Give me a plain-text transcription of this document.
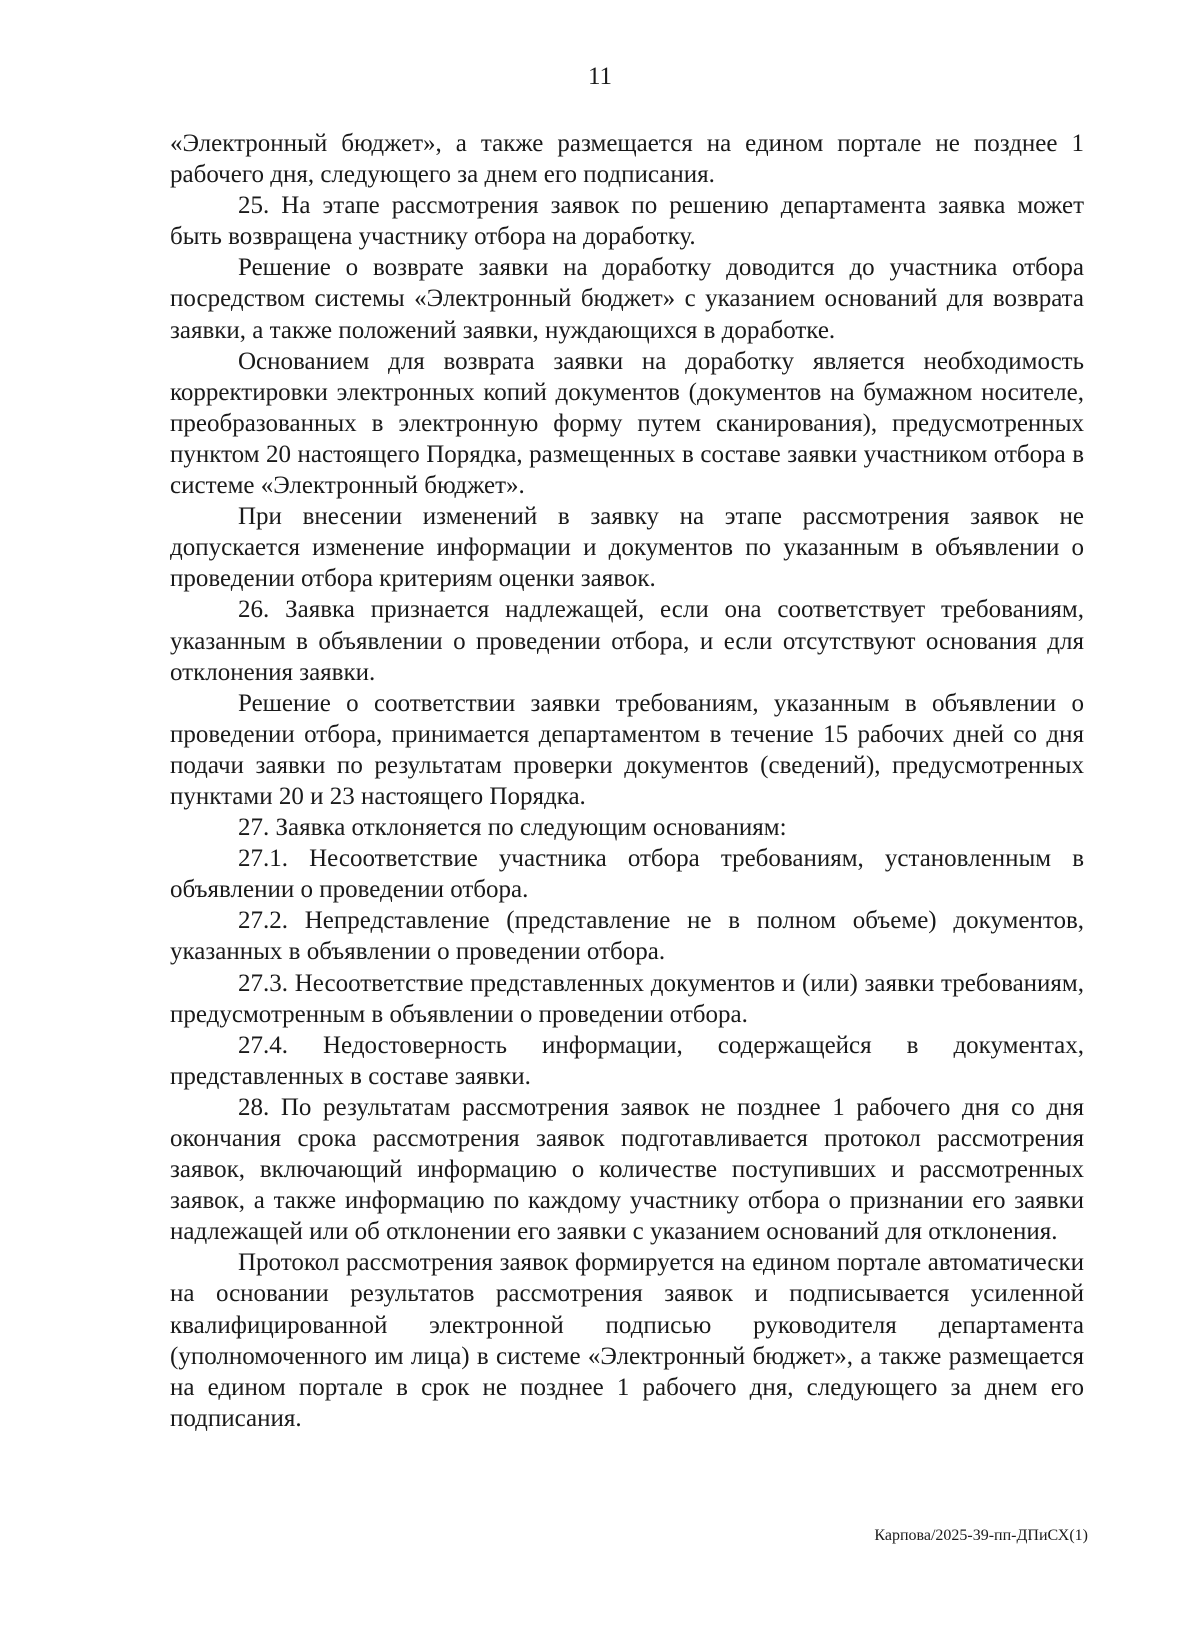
11

«Электронный бюджет», а также размещается на едином портале не позднее 1 рабочего дня, следующего за днем его подписания.

25. На этапе рассмотрения заявок по решению департамента заявка может быть возвращена участнику отбора на доработку.

Решение о возврате заявки на доработку доводится до участника отбора посредством системы «Электронный бюджет» с указанием оснований для возврата заявки, а также положений заявки, нуждающихся в доработке.

Основанием для возврата заявки на доработку является необходимость корректировки электронных копий документов (документов на бумажном носителе, преобразованных в электронную форму путем сканирования), предусмотренных пунктом 20 настоящего Порядка, размещенных в составе заявки участником отбора в системе «Электронный бюджет».

При внесении изменений в заявку на этапе рассмотрения заявок не допускается изменение информации и документов по указанным в объявлении о проведении отбора критериям оценки заявок.

26. Заявка признается надлежащей, если она соответствует требованиям, указанным в объявлении о проведении отбора, и если отсутствуют основания для отклонения заявки.

Решение о соответствии заявки требованиям, указанным в объявлении о проведении отбора, принимается департаментом в течение 15 рабочих дней со дня подачи заявки по результатам проверки документов (сведений), предусмотренных пунктами 20 и 23 настоящего Порядка.

27. Заявка отклоняется по следующим основаниям:

27.1. Несоответствие участника отбора требованиям, установленным в объявлении о проведении отбора.

27.2. Непредставление (представление не в полном объеме) документов, указанных в объявлении о проведении отбора.

27.3. Несоответствие представленных документов и (или) заявки требованиям, предусмотренным в объявлении о проведении отбора.

27.4. Недостоверность информации, содержащейся в документах, представленных в составе заявки.

28. По результатам рассмотрения заявок не позднее 1 рабочего дня со дня окончания срока рассмотрения заявок подготавливается протокол рассмотрения заявок, включающий информацию о количестве поступивших и рассмотренных заявок, а также информацию по каждому участнику отбора о признании его заявки надлежащей или об отклонении его заявки с указанием оснований для отклонения.

Протокол рассмотрения заявок формируется на едином портале автоматически на основании результатов рассмотрения заявок и подписывается усиленной квалифицированной электронной подписью руководителя департамента (уполномоченного им лица) в системе «Электронный бюджет», а также размещается на едином портале в срок не позднее 1 рабочего дня, следующего за днем его подписания.

Карпова/2025-39-пп-ДПиСХ(1)
